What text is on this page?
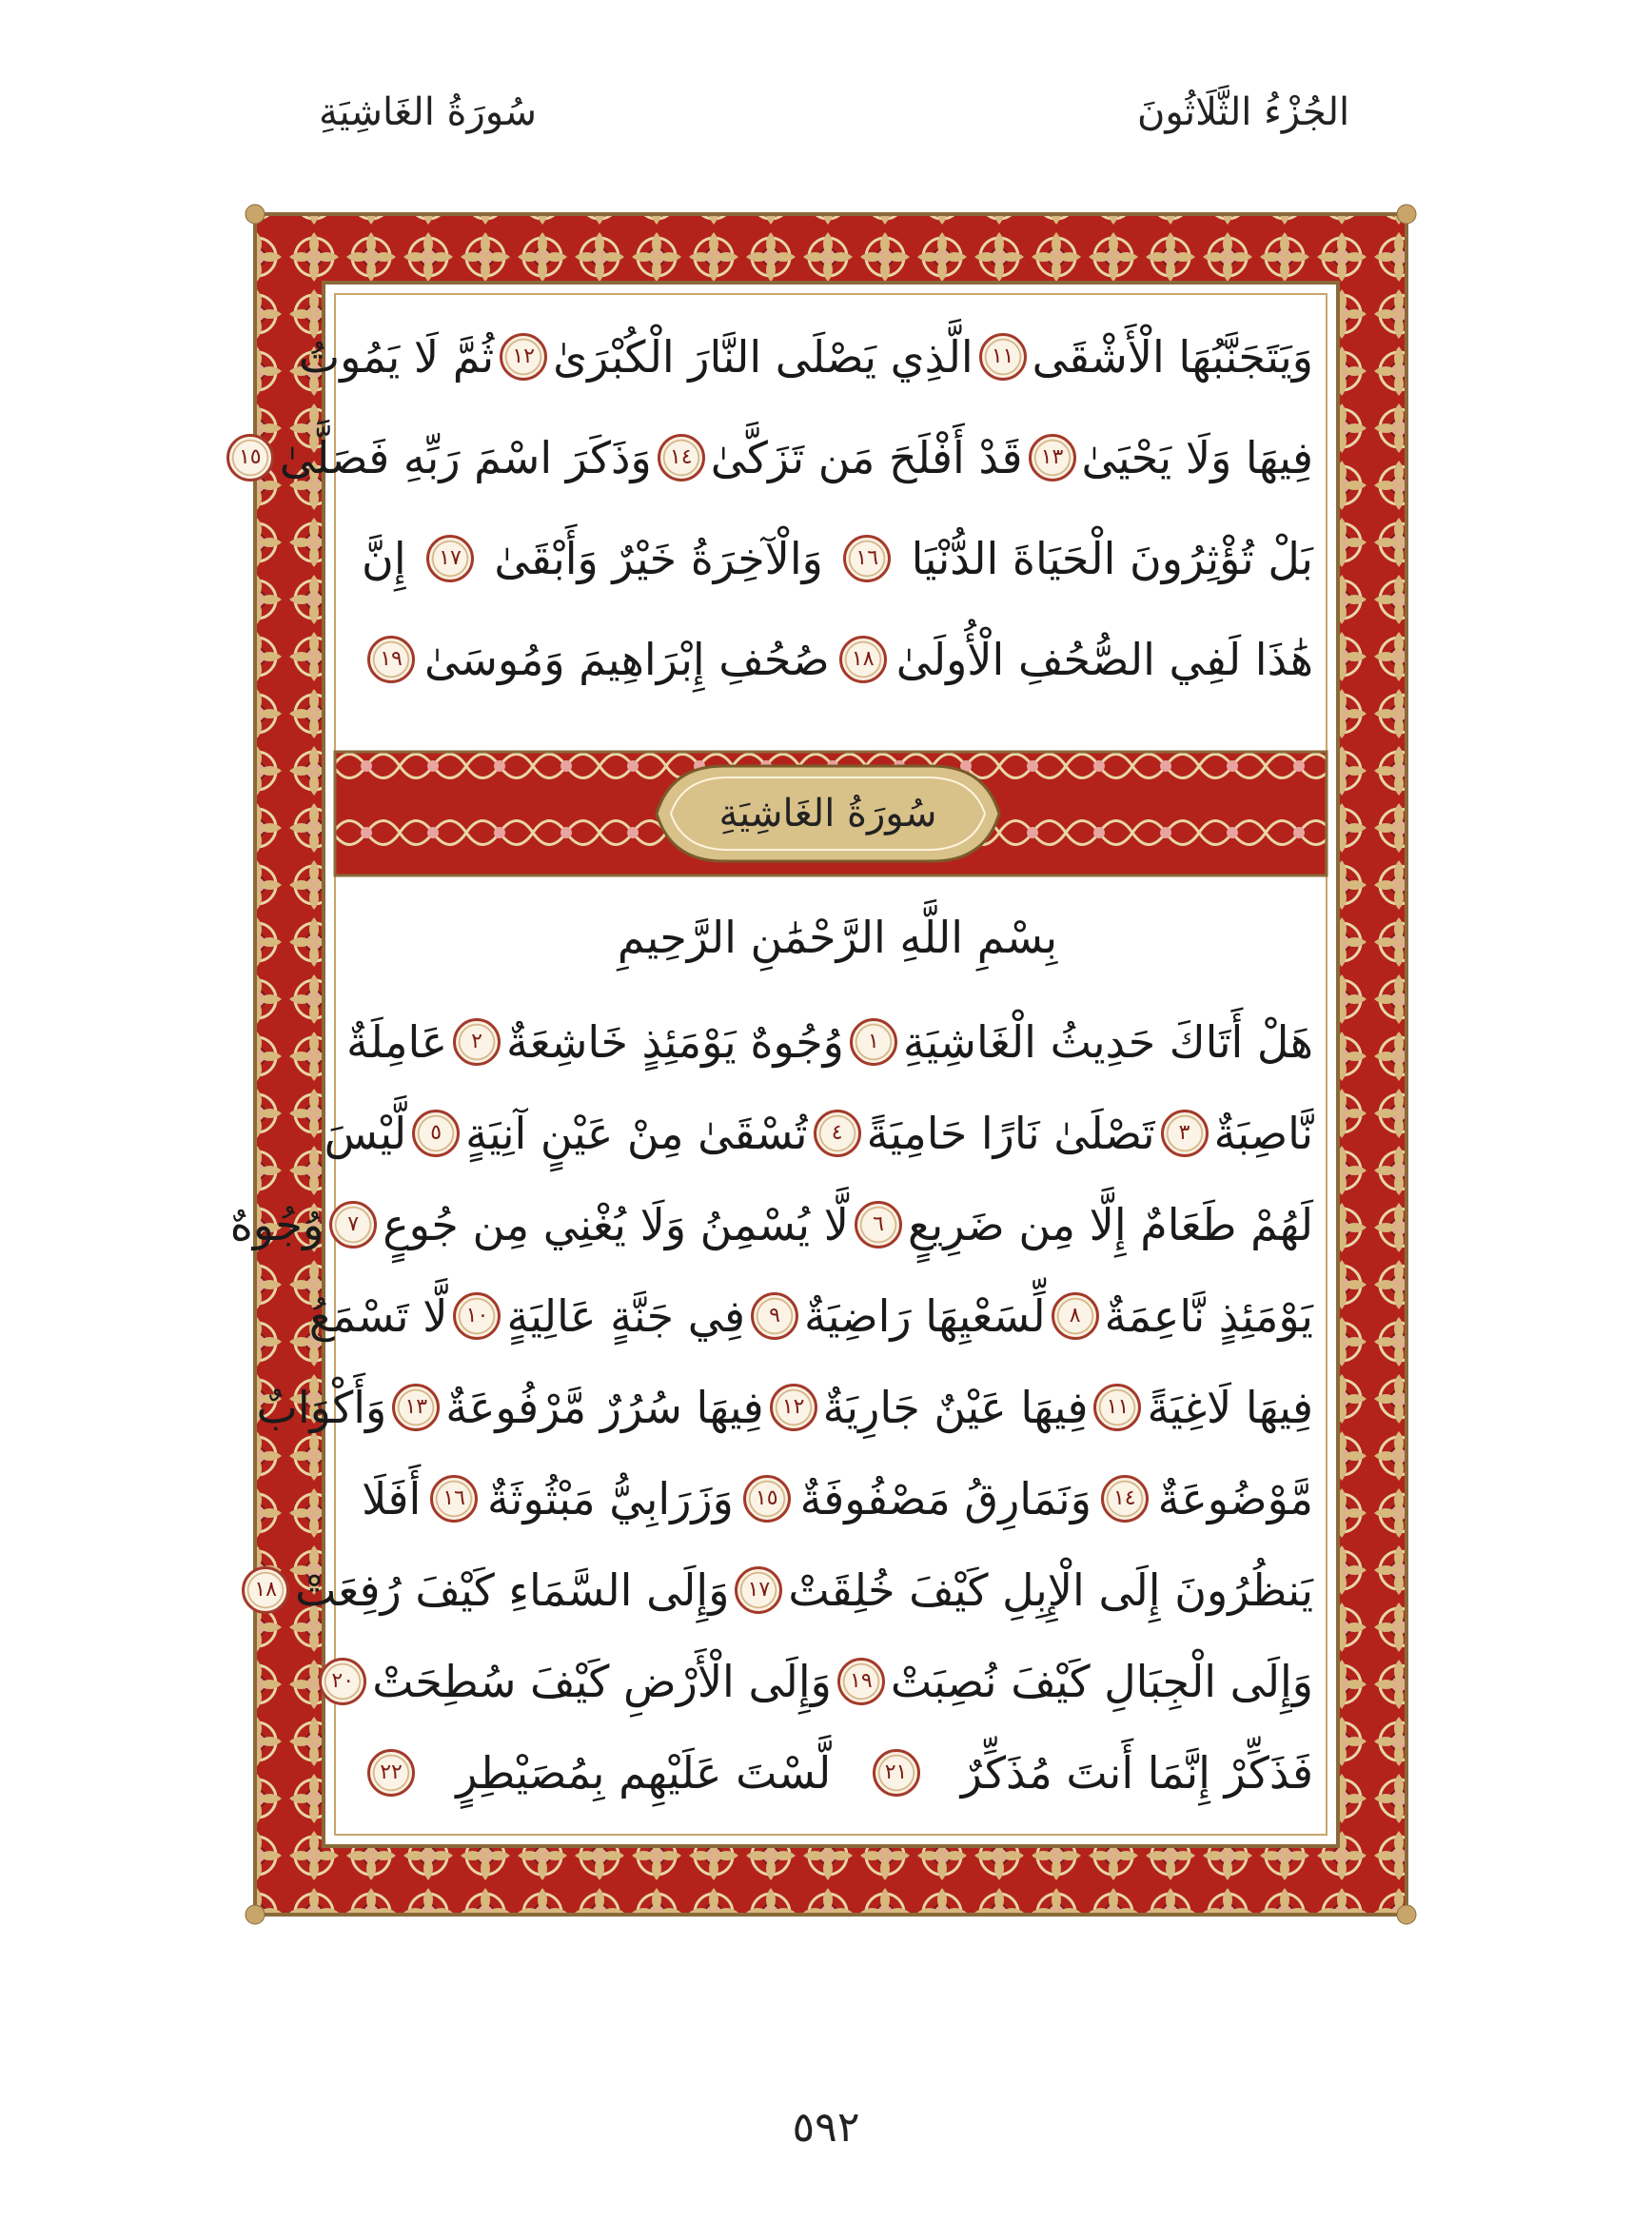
الجُزْءُ الثَّلَاثُونَ
سُورَةُ الغَاشِيَةِ
سُورَةُ الغَاشِيَةِ
وَيَتَجَنَّبُهَا الْأَشْقَى
١١
الَّذِي يَصْلَى النَّارَ الْكُبْرَىٰ
١٢
ثُمَّ لَا يَمُوتُ
فِيهَا وَلَا يَحْيَىٰ
١٣
قَدْ أَفْلَحَ مَن تَزَكَّىٰ
١٤
وَذَكَرَ اسْمَ رَبِّهِ فَصَلَّىٰ
١٥
بَلْ تُؤْثِرُونَ الْحَيَاةَ الدُّنْيَا
١٦
وَالْآخِرَةُ خَيْرٌ وَأَبْقَىٰ
١٧
إِنَّ
هَٰذَا لَفِي الصُّحُفِ الْأُولَىٰ
١٨
صُحُفِ إِبْرَاهِيمَ وَمُوسَىٰ
١٩
بِسْمِ اللَّهِ الرَّحْمَٰنِ الرَّحِيمِ
هَلْ أَتَاكَ حَدِيثُ الْغَاشِيَةِ
١
وُجُوهٌ يَوْمَئِذٍ خَاشِعَةٌ
٢
عَامِلَةٌ
نَّاصِبَةٌ
٣
تَصْلَىٰ نَارًا حَامِيَةً
٤
تُسْقَىٰ مِنْ عَيْنٍ آنِيَةٍ
٥
لَّيْسَ
لَهُمْ طَعَامٌ إِلَّا مِن ضَرِيعٍ
٦
لَّا يُسْمِنُ وَلَا يُغْنِي مِن جُوعٍ
٧
وُجُوهٌ
يَوْمَئِذٍ نَّاعِمَةٌ
٨
لِّسَعْيِهَا رَاضِيَةٌ
٩
فِي جَنَّةٍ عَالِيَةٍ
١٠
لَّا تَسْمَعُ
فِيهَا لَاغِيَةً
١١
فِيهَا عَيْنٌ جَارِيَةٌ
١٢
فِيهَا سُرُرٌ مَّرْفُوعَةٌ
١٣
وَأَكْوَابٌ
مَّوْضُوعَةٌ
١٤
وَنَمَارِقُ مَصْفُوفَةٌ
١٥
وَزَرَابِيُّ مَبْثُوثَةٌ
١٦
أَفَلَا
يَنظُرُونَ إِلَى الْإِبِلِ كَيْفَ خُلِقَتْ
١٧
وَإِلَى السَّمَاءِ كَيْفَ رُفِعَتْ
١٨
وَإِلَى الْجِبَالِ كَيْفَ نُصِبَتْ
١٩
وَإِلَى الْأَرْضِ كَيْفَ سُطِحَتْ
٢٠
فَذَكِّرْ إِنَّمَا أَنتَ مُذَكِّرٌ
٢١
لَّسْتَ عَلَيْهِم بِمُصَيْطِرٍ
٢٢
٥٩٢
